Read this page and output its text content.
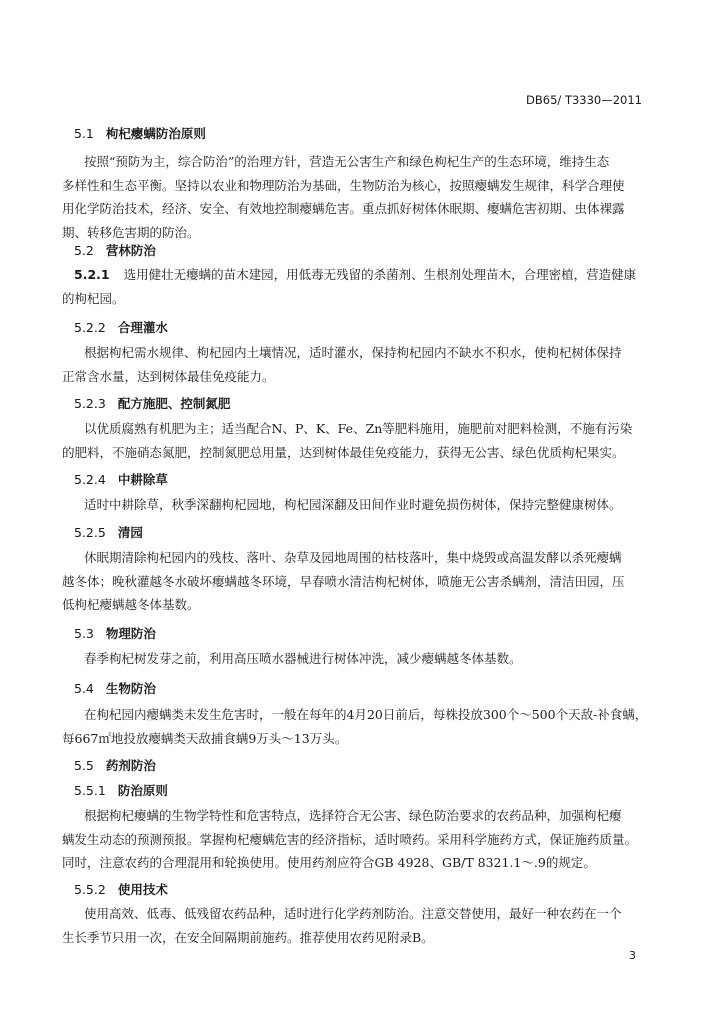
DB65/ T3330—2011
5.1 枸杞瘿螨防治原则
按照“预防为主，综合防治”的治理方针，营造无公害生产和绿色枸杞生产的生态环境，维持生态
多样性和生态平衡。坚持以农业和物理防治为基础，生物防治为核心，按照瘿螨发生规律，科学合理使
用化学防治技术，经济、安全、有效地控制瘿螨危害。重点抓好树体休眠期、瘿螨危害初期、虫体裸露
期、转移危害期的防治。
5.2 营林防治
5.2.1 选用健壮无瘿螨的苗木建园，用低毒无残留的杀菌剂、生根剂处理苗木，合理密植，营造健康
的枸杞园。
5.2.2 合理灌水
根据枸杞需水规律、枸杞园内土壤情况，适时灌水，保持枸杞园内不缺水不积水，使枸杞树体保持
正常含水量，达到树体最佳免疫能力。
5.2.3 配方施肥、控制氮肥
以优质腐熟有机肥为主；适当配合N、P、K、Fe、Zn等肥料施用，施肥前对肥料检测，不施有污染
的肥料，不施硝态氮肥，控制氮肥总用量，达到树体最佳免疫能力，获得无公害、绿色优质枸杞果实。
5.2.4 中耕除草
适时中耕除草，秋季深翻枸杞园地，枸杞园深翻及田间作业时避免损伤树体，保持完整健康树体。
5.2.5 清园
休眠期清除枸杞园内的残枝、落叶、杂草及园地周围的枯枝落叶，集中烧毁或高温发酵以杀死瘿螨
越冬体；晚秋灌越冬水破坏瘿螨越冬环境，早春喷水清洁枸杞树体，喷施无公害杀螨剂，清洁田园，压
低枸杞瘿螨越冬体基数。
5.3 物理防治
春季枸杞树发芽之前，利用高压喷水器械进行树体冲洗，减少瘿螨越冬体基数。
5.4 生物防治
在枸杞园内瘿螨类未发生危害时，一般在每年的4月20日前后，每株投放300个～500个天敌-补食螨，
每667㎡地投放瘿螨类天敌捕食螨9万头～13万头。
5.5 药剂防治
5.5.1 防治原则
根据枸杞瘿螨的生物学特性和危害特点，选择符合无公害、绿色防治要求的农药品种，加强枸杞瘿
螨发生动态的预测预报。掌握枸杞瘿螨危害的经济指标，适时喷药。采用科学施药方式，保证施药质量。
同时，注意农药的合理混用和轮换使用。使用药剂应符合GB 4928、GB/T 8321.1～.9的规定。
5.5.2 使用技术
使用高效、低毒、低残留农药品种，适时进行化学药剂防治。注意交替使用，最好一种农药在一个
生长季节只用一次，在安全间隔期前施药。推荐使用农药见附录B。
3
